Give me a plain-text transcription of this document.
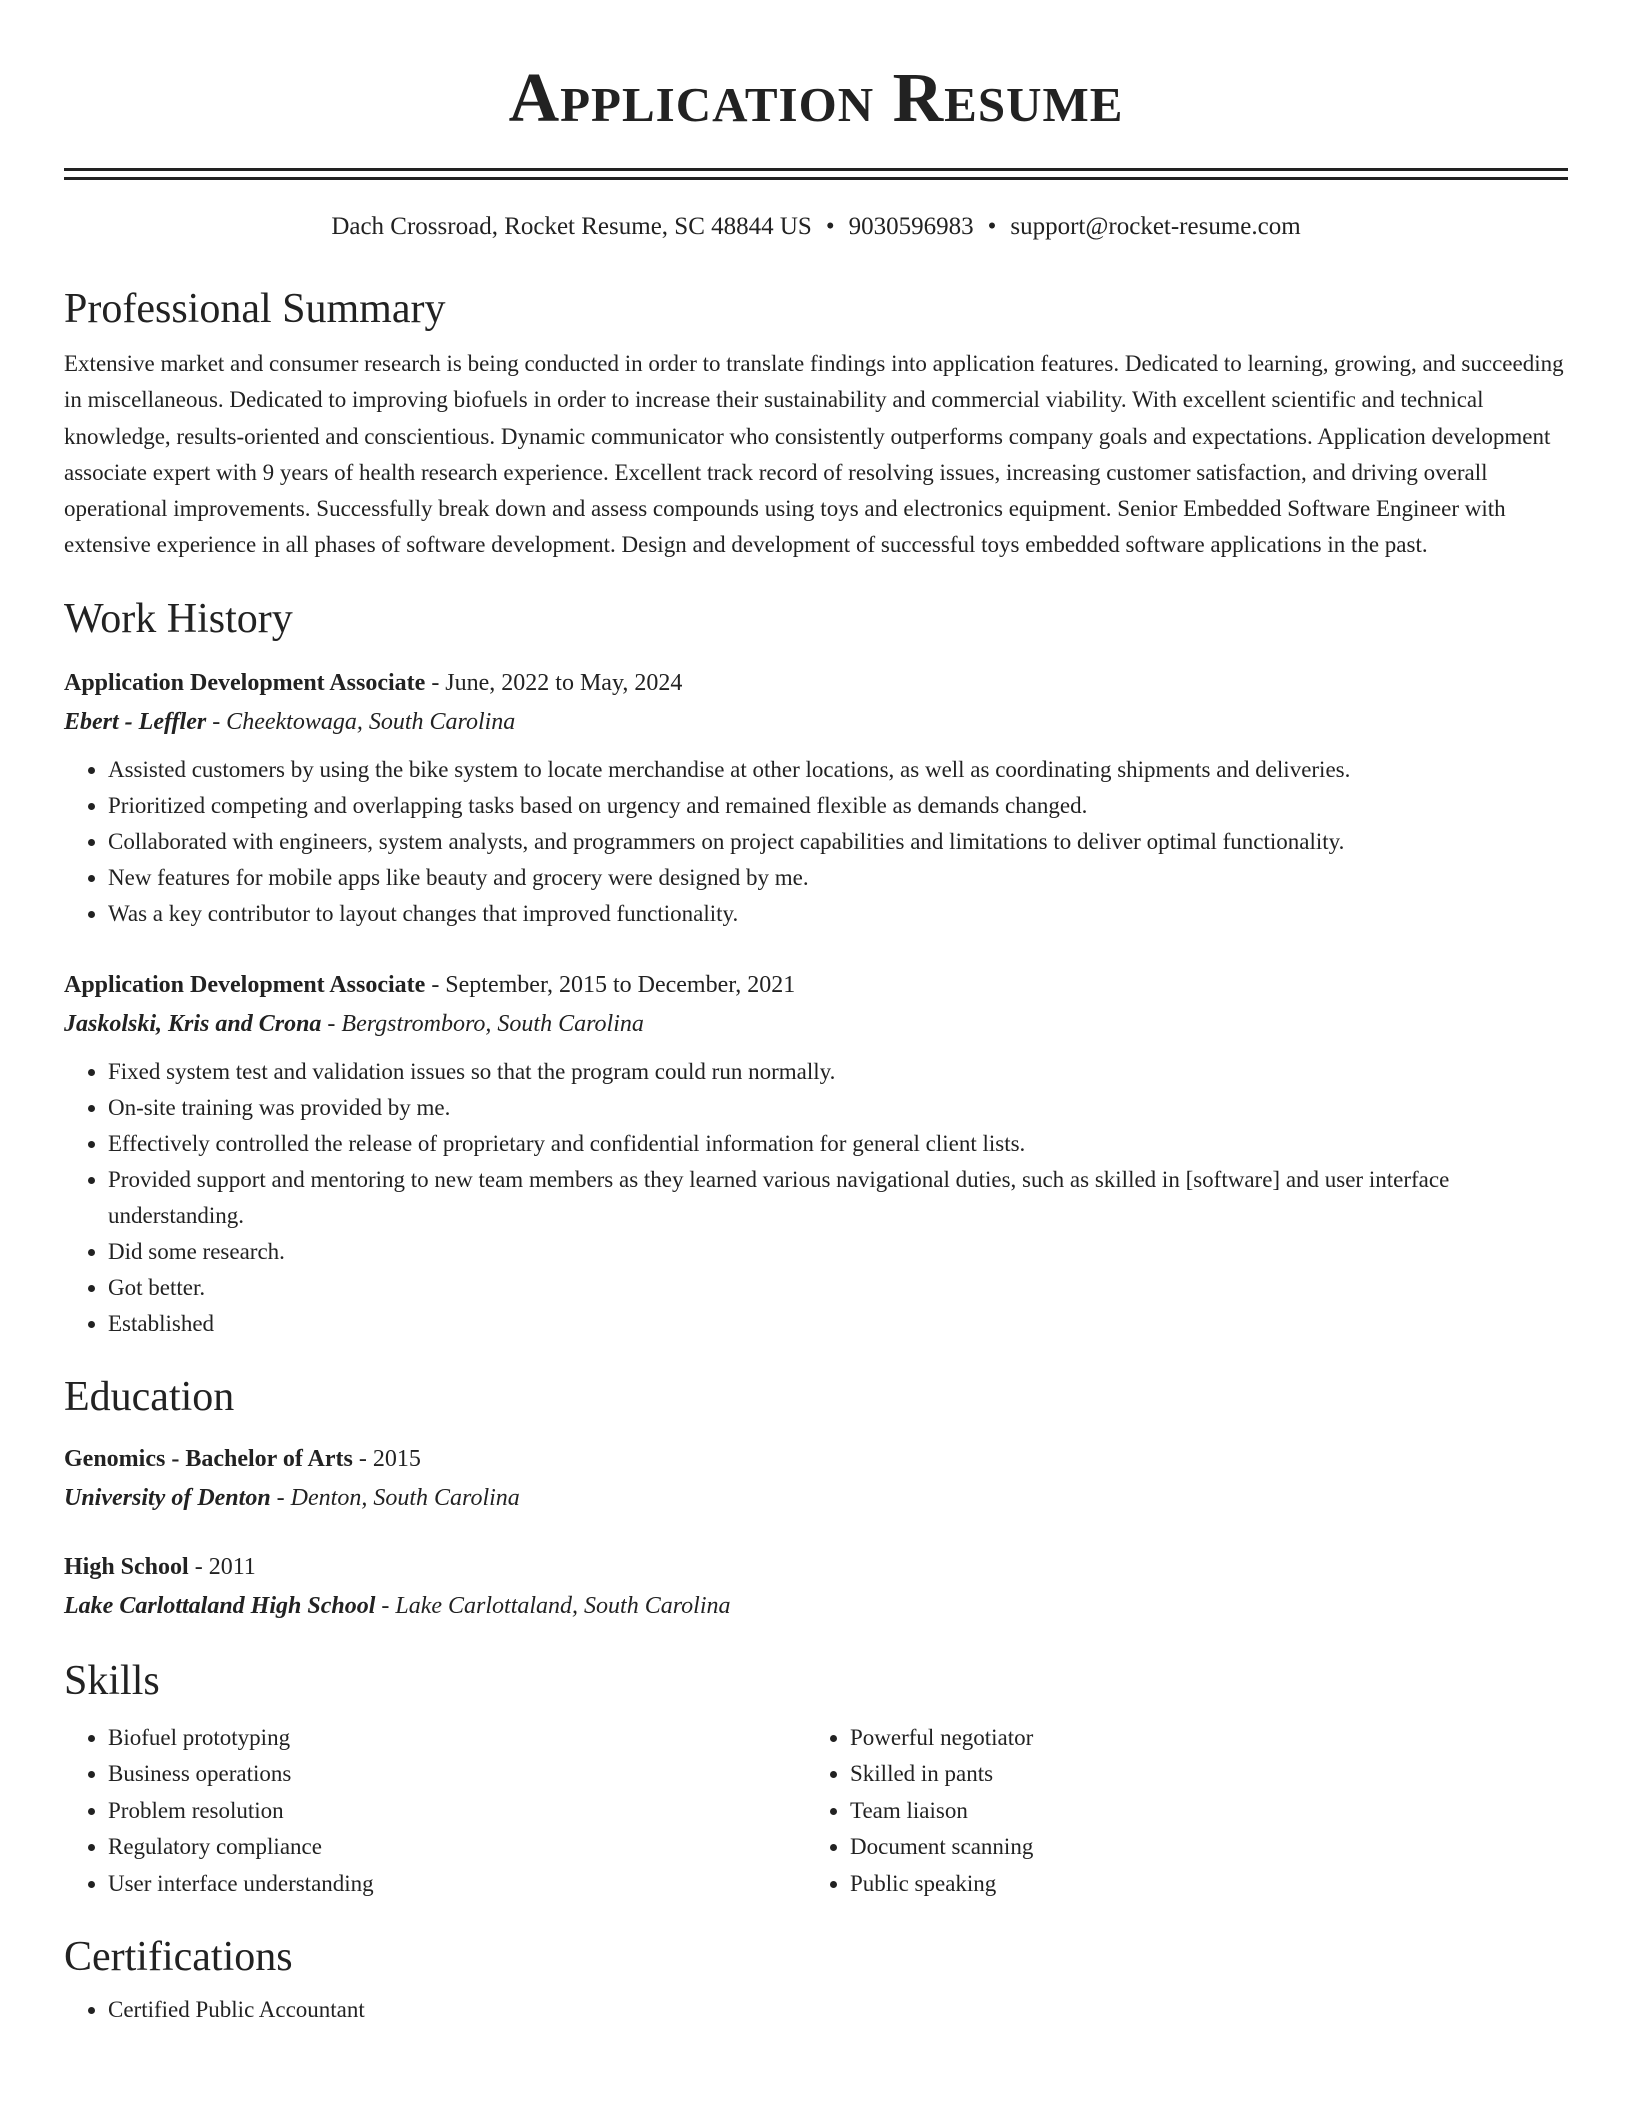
Application Resume
Dach Crossroad, Rocket Resume, SC 48844 US • 9030596983 • support@rocket-resume.com
Professional Summary
Extensive market and consumer research is being conducted in order to translate findings into application features. Dedicated to learning, growing, and succeeding in miscellaneous. Dedicated to improving biofuels in order to increase their sustainability and commercial viability. With excellent scientific and technical knowledge, results-oriented and conscientious. Dynamic communicator who consistently outperforms company goals and expectations. Application development associate expert with 9 years of health research experience. Excellent track record of resolving issues, increasing customer satisfaction, and driving overall operational improvements. Successfully break down and assess compounds using toys and electronics equipment. Senior Embedded Software Engineer with extensive experience in all phases of software development. Design and development of successful toys embedded software applications in the past.
Work History
Application Development Associate - June, 2022 to May, 2024
Ebert - Leffler - Cheektowaga, South Carolina
• Assisted customers by using the bike system to locate merchandise at other locations, as well as coordinating shipments and deliveries.
• Prioritized competing and overlapping tasks based on urgency and remained flexible as demands changed.
• Collaborated with engineers, system analysts, and programmers on project capabilities and limitations to deliver optimal functionality.
• New features for mobile apps like beauty and grocery were designed by me.
• Was a key contributor to layout changes that improved functionality.
Application Development Associate - September, 2015 to December, 2021
Jaskolski, Kris and Crona - Bergstromboro, South Carolina
• Fixed system test and validation issues so that the program could run normally.
• On-site training was provided by me.
• Effectively controlled the release of proprietary and confidential information for general client lists.
• Provided support and mentoring to new team members as they learned various navigational duties, such as skilled in [software] and user interface understanding.
• Did some research.
• Got better.
• Established
Education
Genomics - Bachelor of Arts - 2015
University of Denton - Denton, South Carolina
High School - 2011
Lake Carlottaland High School - Lake Carlottaland, South Carolina
Skills
• Biofuel prototyping
• Business operations
• Problem resolution
• Regulatory compliance
• User interface understanding
• Powerful negotiator
• Skilled in pants
• Team liaison
• Document scanning
• Public speaking
Certifications
• Certified Public Accountant
